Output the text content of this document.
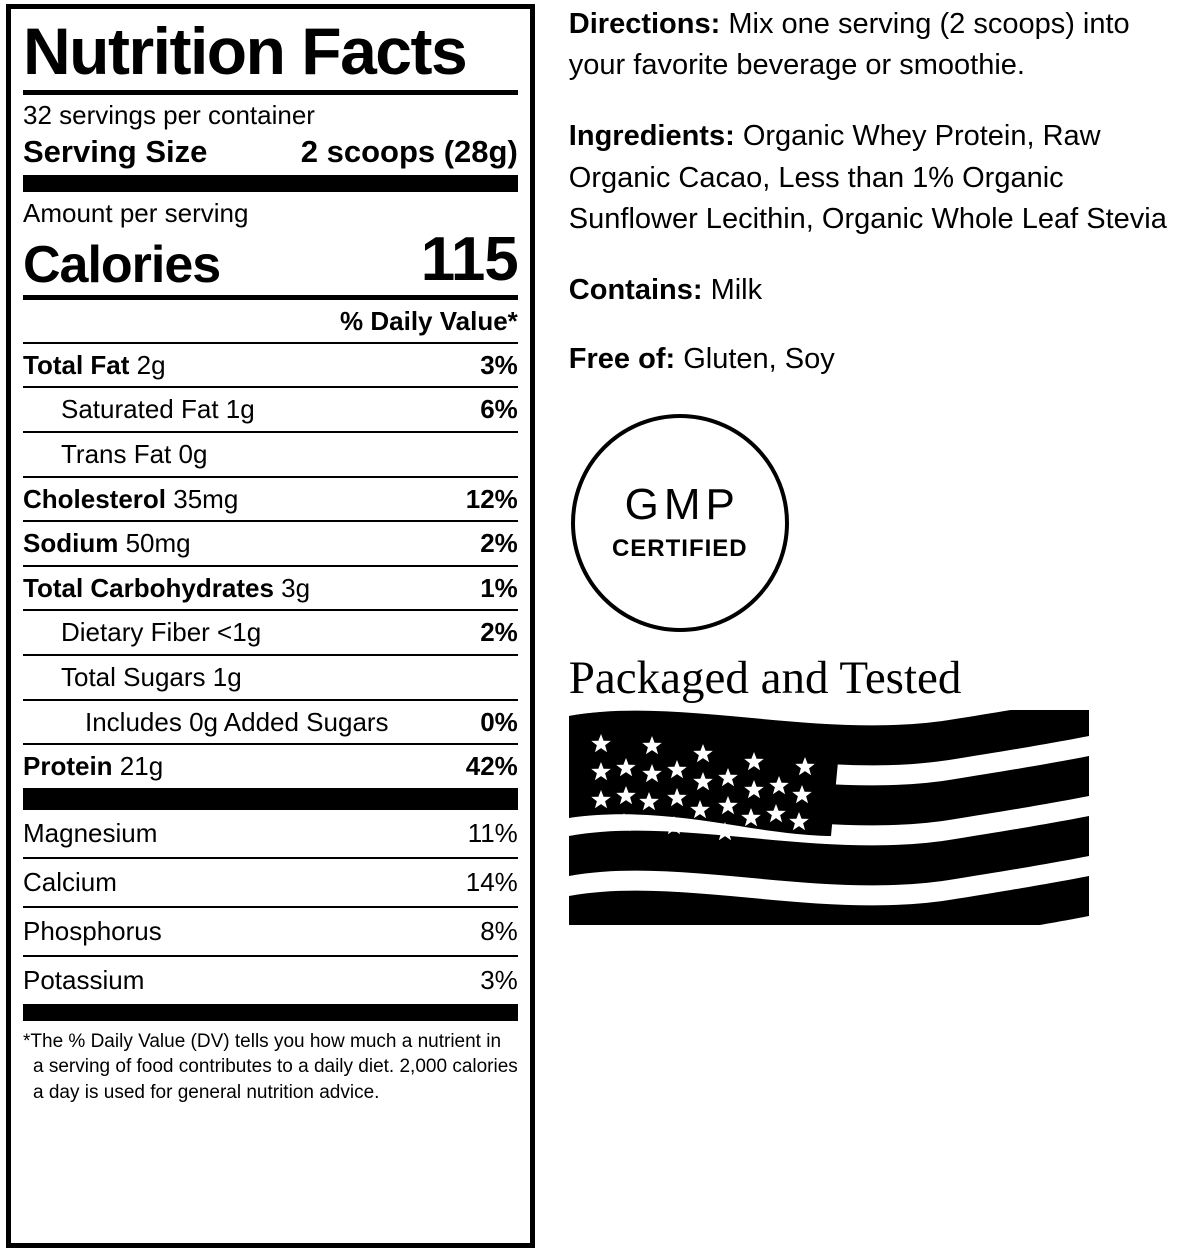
Nutrition Facts
32 servings per container
Serving Size	2 scoops (28g)
Amount per serving
Calories	115
% Daily Value*
Total Fat 2g	3%
Saturated Fat 1g	6%
Trans Fat 0g
Cholesterol 35mg	12%
Sodium 50mg	2%
Total Carbohydrates 3g	1%
Dietary Fiber <1g	2%
Total Sugars 1g
Includes 0g Added Sugars	0%
Protein 21g	42%
Magnesium	11%
Calcium	14%
Phosphorus	8%
Potassium	3%
*The % Daily Value (DV) tells you how much a nutrient in
a serving of food contributes to a daily diet. 2,000 calories
a day is used for general nutrition advice.

Directions: Mix one serving (2 scoops) into your favorite beverage or smoothie.

Ingredients: Organic Whey Protein, Raw Organic Cacao, Less than 1% Organic Sunflower Lecithin, Organic Whole Leaf Stevia

Contains: Milk

Free of: Gluten, Soy

GMP
CERTIFIED
Packaged and Tested
